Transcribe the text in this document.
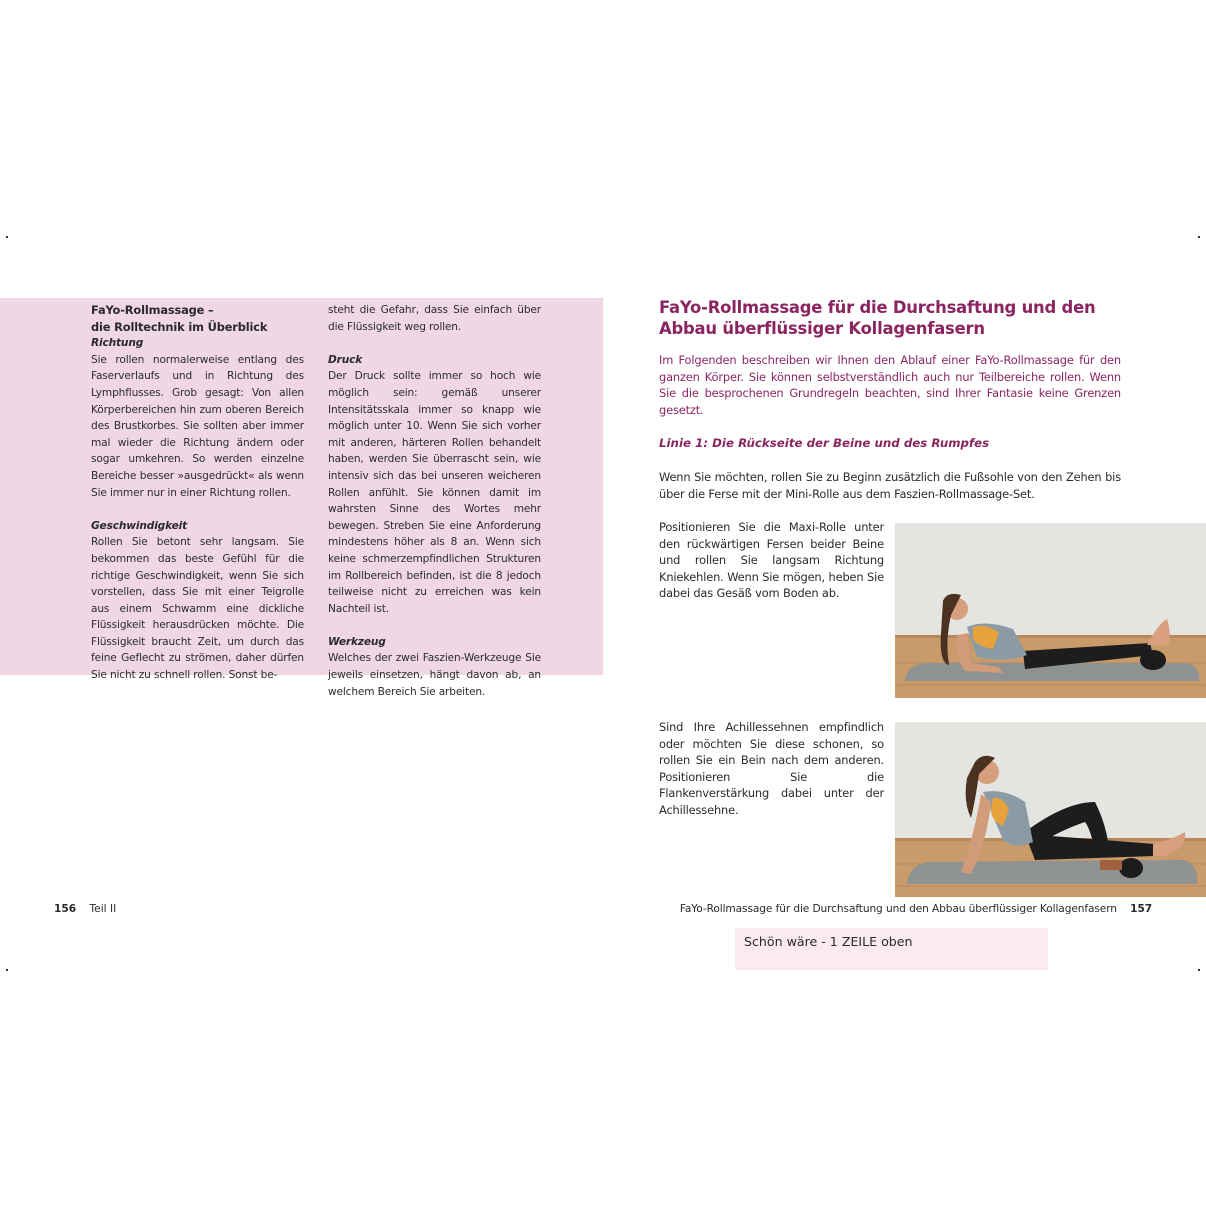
FaYo-Rollmassage –
die Rolltechnik im Überblick
Richtung

Sie rollen normalerweise entlang des Faserverlaufs und in Richtung des Lymphflusses. Grob gesagt: Von allen Körperbereichen hin zum oberen Bereich des Brustkorbes. Sie sollten aber immer mal wieder die Richtung ändern oder sogar umkehren. So werden einzelne Bereiche besser »ausgedrückt« als wenn Sie immer nur in einer Richtung rollen.

Geschwindigkeit

Rollen Sie betont sehr langsam. Sie bekommen das beste Gefühl für die richtige Geschwindigkeit, wenn Sie sich vorstellen, dass Sie mit einer Teigrolle aus einem Schwamm eine dickliche Flüssigkeit herausdrücken möchte. Die Flüssigkeit braucht Zeit, um durch das feine Geflecht zu strömen, daher dürfen Sie nicht zu schnell rollen. Sonst be-

steht die Gefahr, dass Sie einfach über die Flüssigkeit weg rollen.

Druck

Der Druck sollte immer so hoch wie möglich sein: gemäß unserer Intensitätsskala immer so knapp wie möglich unter 10. Wenn Sie sich vorher mit anderen, härteren Rollen behandelt haben, werden Sie überrascht sein, wie intensiv sich das bei unseren weicheren Rollen anfühlt. Sie können damit im wahrsten Sinne des Wortes mehr bewegen. Streben Sie eine Anforderung mindestens höher als 8 an. Wenn sich keine schmerzempfindlichen Strukturen im Rollbereich befinden, ist die 8 jedoch teilweise nicht zu erreichen was kein Nachteil ist.

Werkzeug

Welches der zwei Faszien-Werkzeuge Sie jeweils einsetzen, hängt davon ab, an welchem Bereich Sie arbeiten.

156 Teil II
FaYo-Rollmassage für die Durchsaftung und den Abbau überflüssiger Kollagenfasern

Im Folgenden beschreiben wir Ihnen den Ablauf einer FaYo-Rollmassage für den ganzen Körper. Sie können selbstverständlich auch nur Teilbereiche rollen. Wenn Sie die besprochenen Grundregeln beachten, sind Ihrer Fantasie keine Grenzen gesetzt.

Linie 1: Die Rückseite der Beine und des Rumpfes

Wenn Sie möchten, rollen Sie zu Beginn zusätzlich die Fußsohle von den Zehen bis über die Ferse mit der Mini-Rolle aus dem Faszien-Rollmassage-Set.

Positionieren Sie die Maxi-Rolle unter den rückwärtigen Fersen beider Beine und rollen Sie langsam Richtung Kniekehlen. Wenn Sie mögen, heben Sie dabei das Gesäß vom Boden ab.

Sind Ihre Achillessehnen empfindlich oder möchten Sie diese schonen, so rollen Sie ein Bein nach dem anderen. Positionieren Sie die Flankenverstärkung dabei unter der Achillessehne.

FaYo-Rollmassage für die Durchsaftung und den Abbau überflüssiger Kollagenfasern 157
Schön wäre - 1 ZEILE oben
